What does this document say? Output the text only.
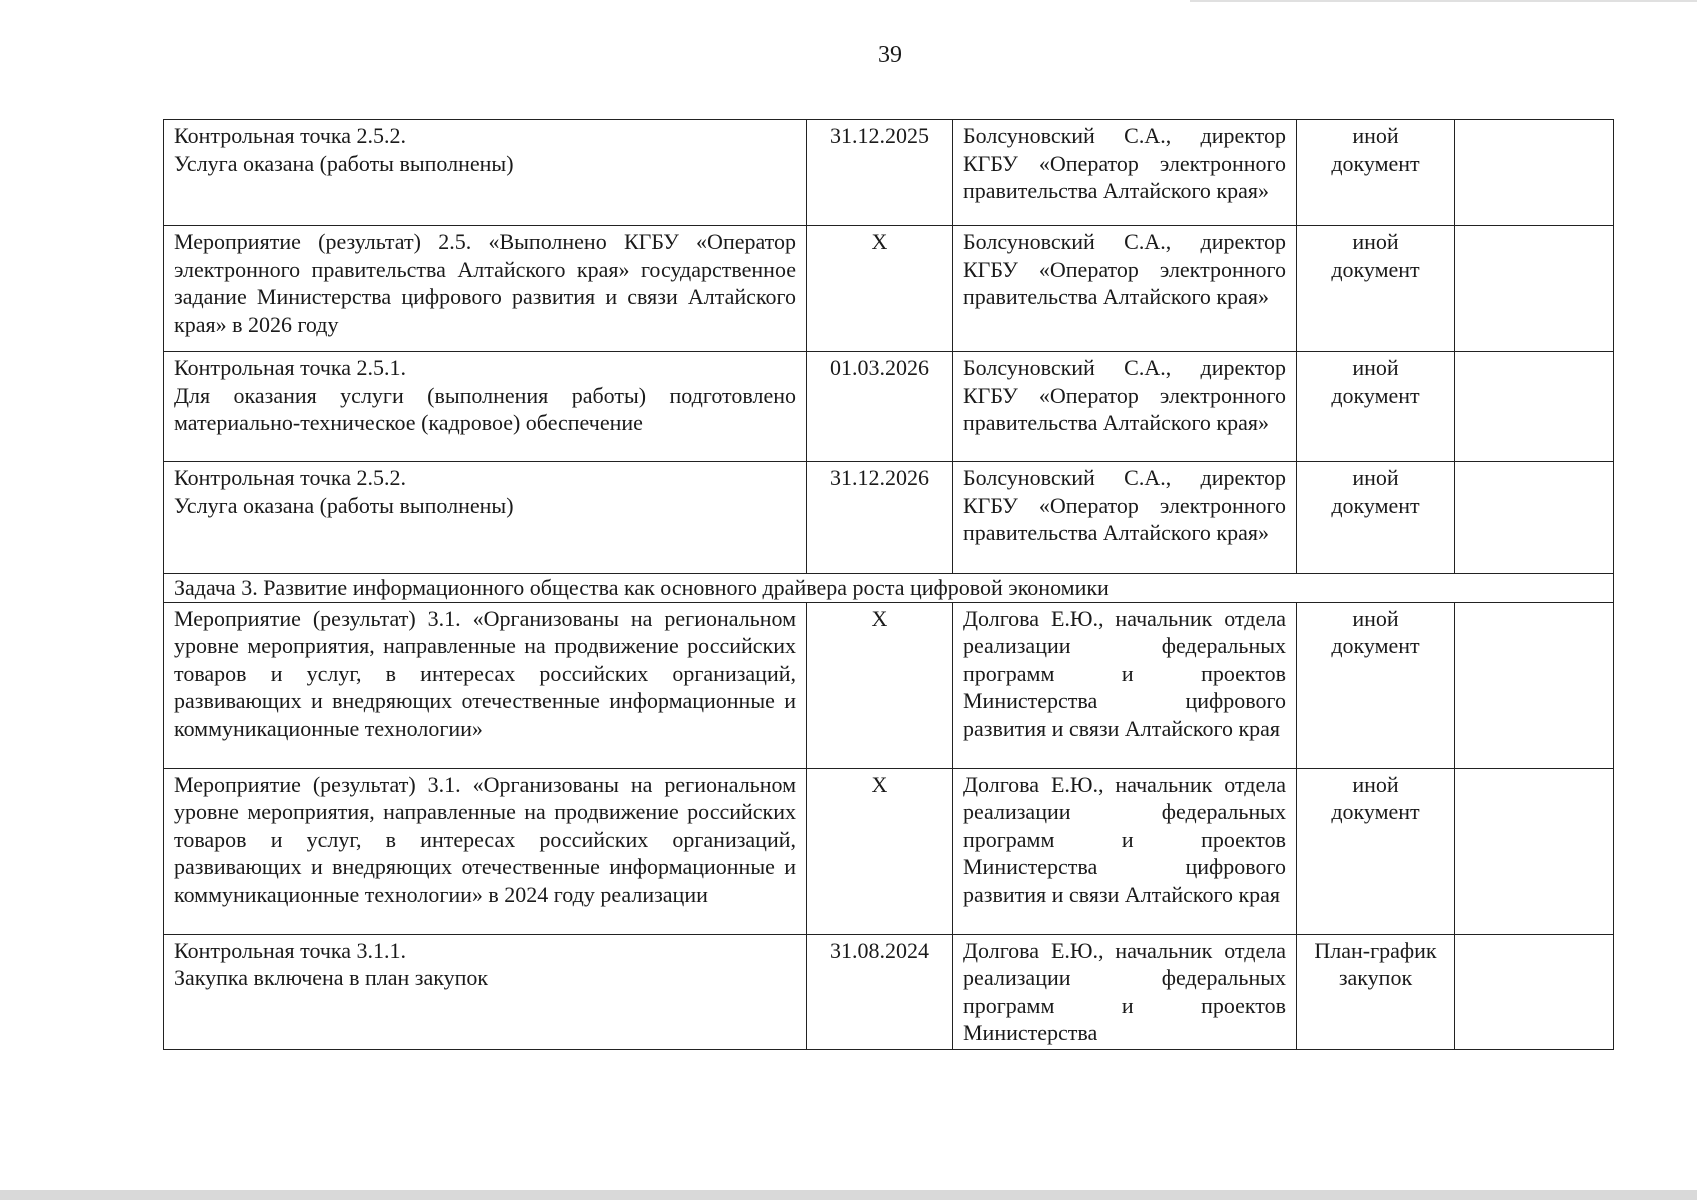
39
Контрольная точка 2.5.2.
Услуга оказана (работы выполнены)	31.12.2025	Болсуновский С.А., директор КГБУ «Оператор электронного правительства Алтайского края»	иной документ	

Мероприятие (результат) 2.5. «Выполнено КГБУ «Оператор электронного правительства Алтайского края» государственное задание Министерства цифрового развития и связи Алтайского края» в 2026 году	Х	Болсуновский С.А., директор КГБУ «Оператор электронного правительства Алтайского края»	иной документ	

Контрольная точка 2.5.1.
Для оказания услуги (выполнения работы) подготовлено материально-техническое (кадровое) обеспечение	01.03.2026	Болсуновский С.А., директор КГБУ «Оператор электронного правительства Алтайского края»	иной документ	

Контрольная точка 2.5.2.
Услуга оказана (работы выполнены)	31.12.2026	Болсуновский С.А., директор КГБУ «Оператор электронного правительства Алтайского края»	иной документ	
Задача 3. Развитие информационного общества как основного драйвера роста цифровой экономики				

Мероприятие (результат) 3.1. «Организованы на региональном уровне мероприятия, направленные на продвижение российских товаров и услуг, в интересах российских организаций, развивающих и внедряющих отечественные информационные и коммуникационные технологии»	Х	Долгова Е.Ю., начальник отдела реализации федеральных программ и проектов Министерства цифрового развития и связи Алтайского края	иной документ	

Мероприятие (результат) 3.1. «Организованы на региональном уровне мероприятия, направленные на продвижение российских товаров и услуг, в интересах российских организаций, развивающих и внедряющих отечественные информационные и коммуникационные технологии» в 2024 году реализации	Х	Долгова Е.Ю., начальник отдела реализации федеральных программ и проектов Министерства цифрового развития и связи Алтайского края	иной документ	

Контрольная точка 3.1.1.
Закупка включена в план закупок	31.08.2024	Долгова Е.Ю., начальник отдела реализации федеральных программ и проектов Министерства	План-график закупок	
